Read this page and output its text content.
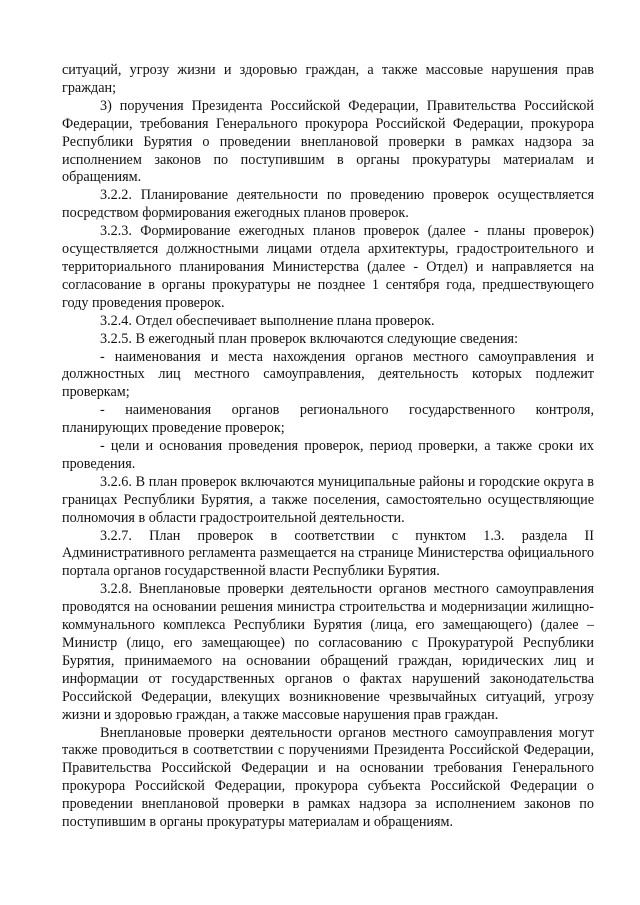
ситуаций, угрозу жизни и здоровью граждан, а также массовые нарушения прав граждан;

3) поручения Президента Российской Федерации, Правительства Российской Федерации, требования Генерального прокурора Российской Федерации, прокурора Республики Бурятия о проведении внеплановой проверки в рамках надзора за исполнением законов по поступившим в органы прокуратуры материалам и обращениям.

3.2.2. Планирование деятельности по проведению проверок осуществляется посредством формирования ежегодных планов проверок.

3.2.3. Формирование ежегодных планов проверок (далее - планы проверок) осуществляется должностными лицами отдела архитектуры, градостроительного и территориального планирования Министерства (далее - Отдел) и направляется на согласование в органы прокуратуры не позднее 1 сентября года, предшествующего году проведения проверок.

3.2.4. Отдел обеспечивает выполнение плана проверок.

3.2.5. В ежегодный план проверок включаются следующие сведения:

- наименования и места нахождения органов местного самоуправления и должностных лиц местного самоуправления, деятельность которых подлежит проверкам;

- наименования органов регионального государственного контроля, планирующих проведение проверок;

- цели и основания проведения проверок, период проверки, а также сроки их проведения.

3.2.6. В план проверок включаются муниципальные районы и городские округа в границах Республики Бурятия, а также поселения, самостоятельно осуществляющие полномочия в области градостроительной деятельности.

3.2.7. План проверок в соответствии с пунктом 1.3. раздела II Административного регламента размещается на странице Министерства официального портала органов государственной власти Республики Бурятия.

3.2.8. Внеплановые проверки деятельности органов местного самоуправления проводятся на основании решения министра строительства и модернизации жилищно-коммунального комплекса Республики Бурятия (лица, его замещающего) (далее – Министр (лицо, его замещающее) по согласованию с Прокуратурой Республики Бурятия, принимаемого на основании обращений граждан, юридических лиц и информации от государственных органов о фактах нарушений законодательства Российской Федерации, влекущих возникновение чрезвычайных ситуаций, угрозу жизни и здоровью граждан, а также массовые нарушения прав граждан.

Внеплановые проверки деятельности органов местного самоуправления могут также проводиться в соответствии с поручениями Президента Российской Федерации, Правительства Российской Федерации и на основании требования Генерального прокурора Российской Федерации, прокурора субъекта Российской Федерации о проведении внеплановой проверки в рамках надзора за исполнением законов по поступившим в органы прокуратуры материалам и обращениям.
